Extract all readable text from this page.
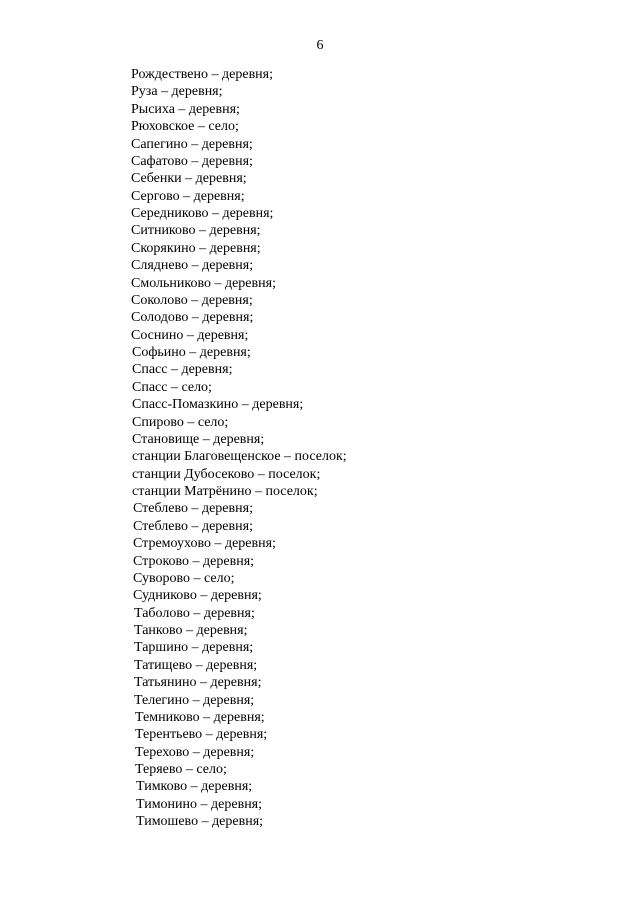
6
Рождествено – деревня;
Руза – деревня;
Рысиха – деревня;
Рюховское – село;
Сапегино – деревня;
Сафатово – деревня;
Себенки – деревня;
Сергово – деревня;
Середниково – деревня;
Ситниково – деревня;
Скорякино – деревня;
Сляднево – деревня;
Смольниково – деревня;
Соколово – деревня;
Солодово – деревня;
Соснино – деревня;
Софьино – деревня;
Спасс – деревня;
Спасс – село;
Спасс-Помазкино – деревня;
Спирово – село;
Становище – деревня;
станции Благовещенское – поселок;
станции Дубосеково – поселок;
станции Матрёнино – поселок;
Стеблево – деревня;
Стеблево – деревня;
Стремоухово – деревня;
Строково – деревня;
Суворово – село;
Судниково – деревня;
Таболово – деревня;
Танково – деревня;
Таршино – деревня;
Татищево – деревня;
Татьянино – деревня;
Телегино – деревня;
Темниково – деревня;
Терентьево – деревня;
Терехово – деревня;
Теряево – село;
Тимково – деревня;
Тимонино – деревня;
Тимошево – деревня;
